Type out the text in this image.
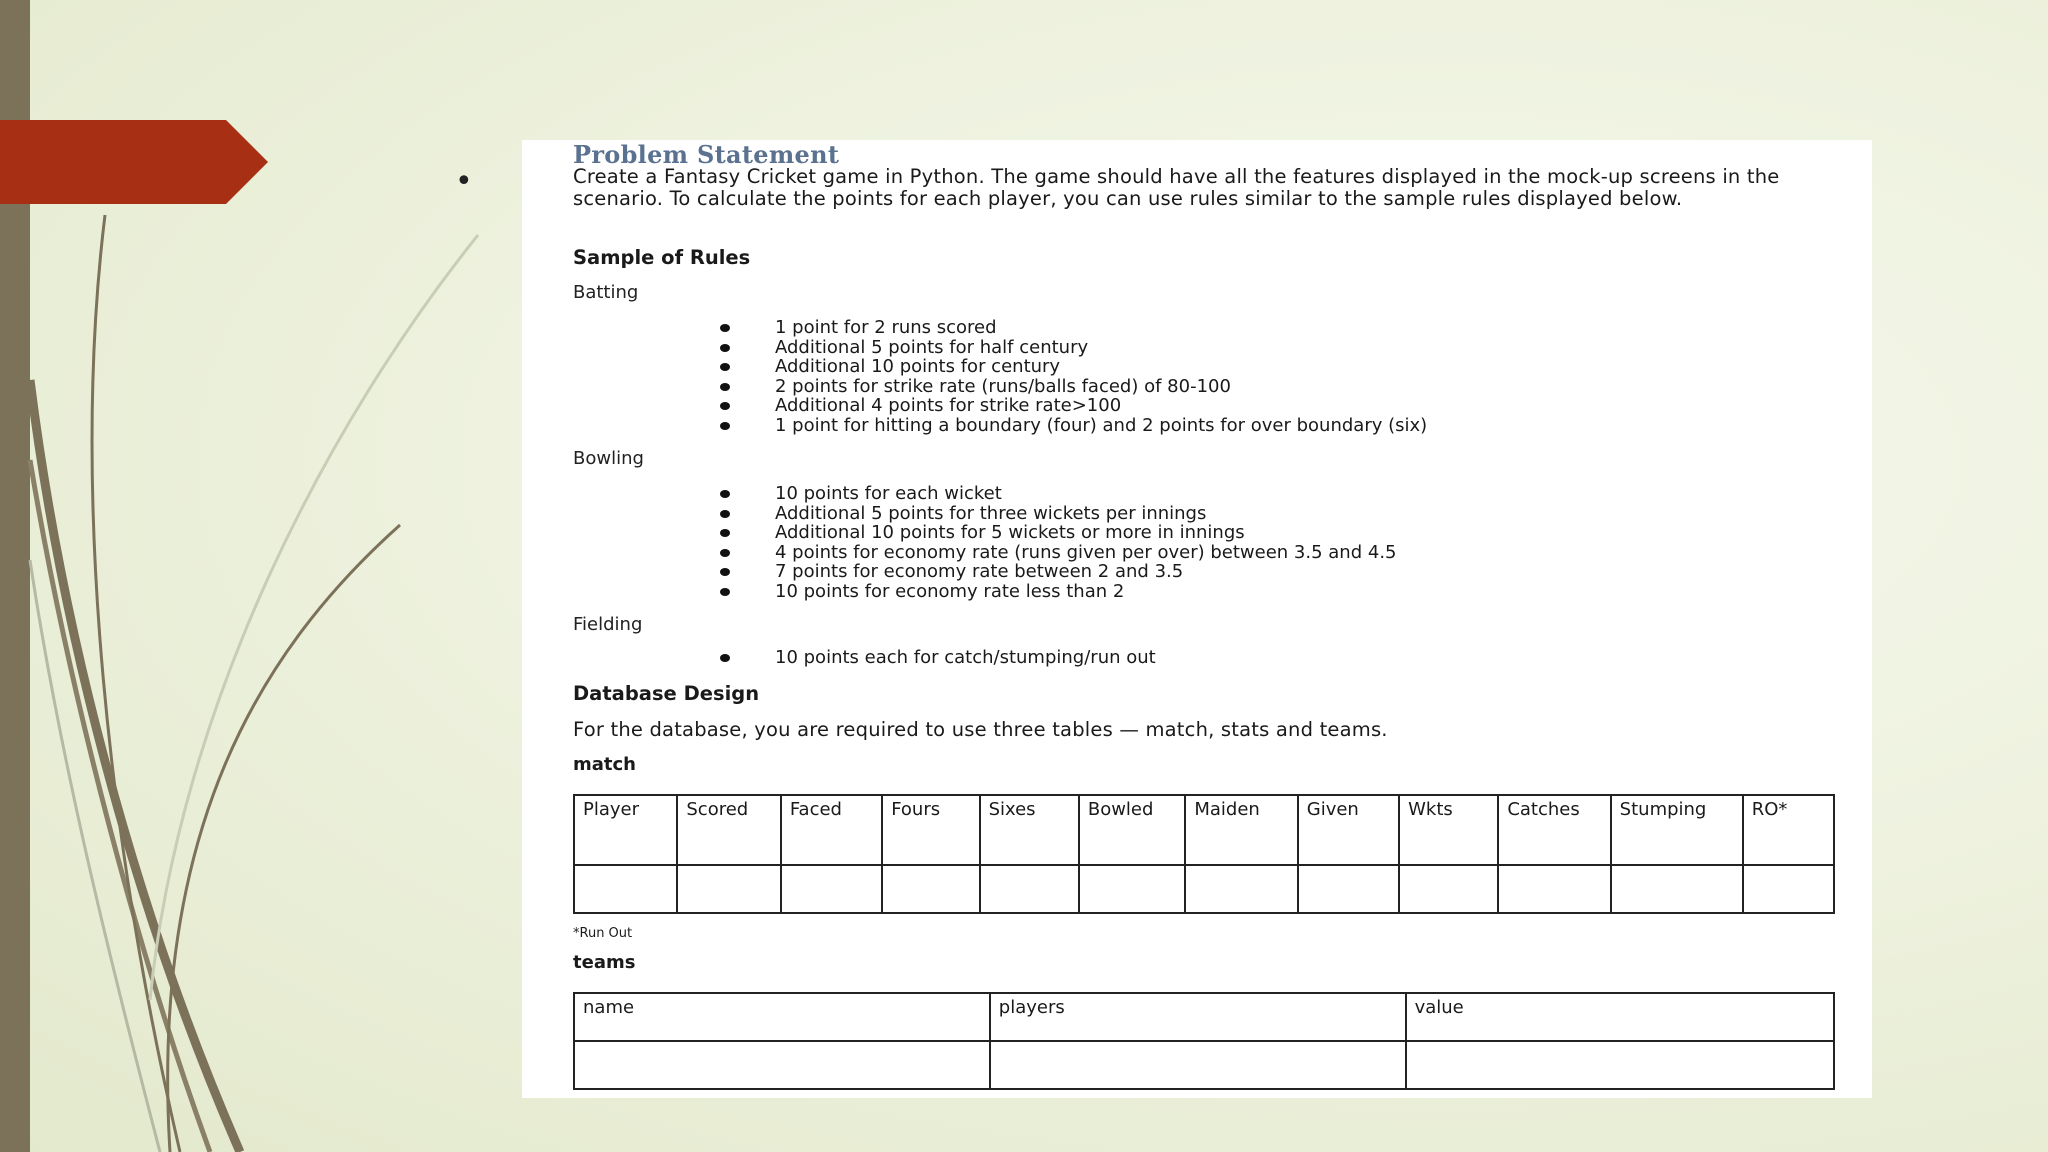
•
Problem Statement

Create a Fantasy Cricket game in Python. The game should have all the features displayed in the mock-up screens in the scenario. To calculate the points for each player, you can use rules similar to the sample rules displayed below.

Sample of Rules

Batting

1 point for 2 runs scored
Additional 5 points for half century
Additional 10 points for century
2 points for strike rate (runs/balls faced) of 80-100
Additional 4 points for strike rate>100
1 point for hitting a boundary (four) and 2 points for over boundary (six)

Bowling

10 points for each wicket
Additional 5 points for three wickets per innings
Additional 10 points for 5 wickets or more in innings
4 points for economy rate (runs given per over) between 3.5 and 4.5
7 points for economy rate between 2 and 3.5
10 points for economy rate less than 2

Fielding

10 points each for catch/stumping/run out

Database Design

For the database, you are required to use three tables — match, stats and teams.

match

Player	Scored	Faced	Fours	Sixes	Bowled	Maiden	Given	Wkts	Catches	Stumping	RO*

*Run Out

teams

name	players	value
